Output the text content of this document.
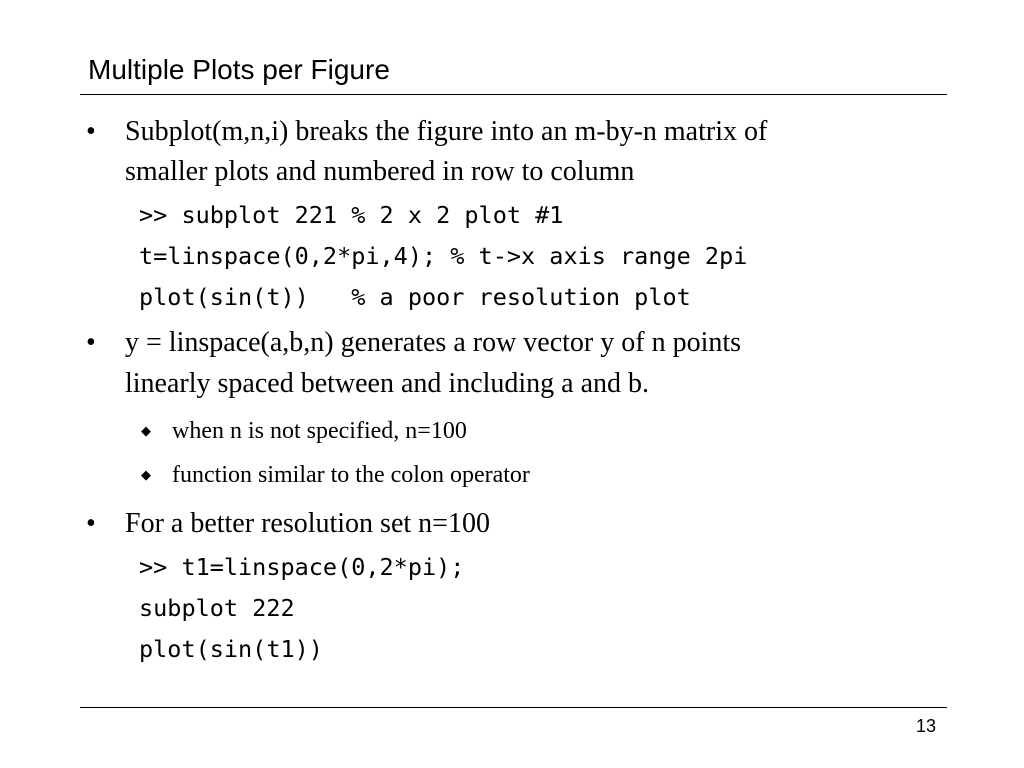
Multiple Plots per Figure
• Subplot(m,n,i) breaks the figure into an m-by-n matrix of
smaller plots and numbered in row to column
>> subplot 221 % 2 x 2 plot #1
t=linspace(0,2*pi,4); % t->x axis range 2pi
plot(sin(t))   % a poor resolution plot
• y = linspace(a,b,n) generates a row vector y of n points
linearly spaced between and including a and b.
◆ when n is not specified, n=100
◆ function similar to the colon operator
• For a better resolution set n=100
>> t1=linspace(0,2*pi);
subplot 222
plot(sin(t1))
13
